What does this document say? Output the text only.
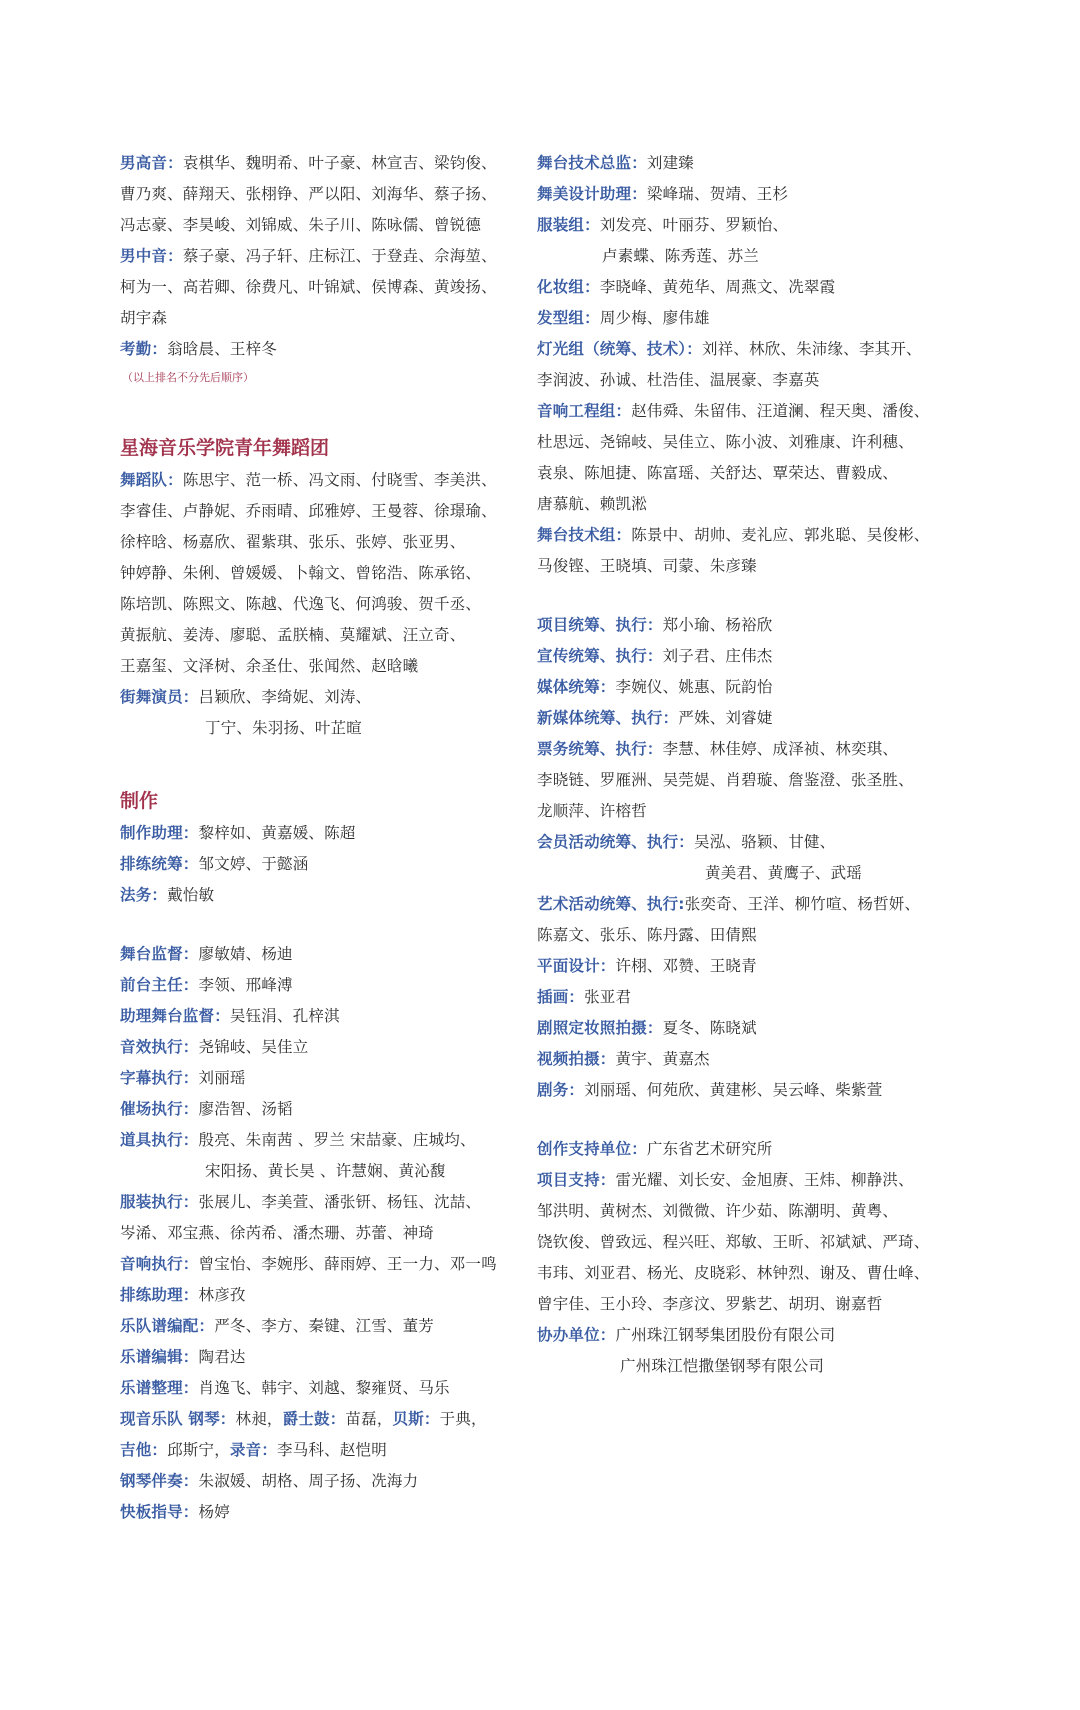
男高音：袁棋华、魏明希、叶子豪、林宣吉、梁钧俊、
曹乃爽、薛翔天、张栩铮、严以阳、刘海华、蔡子扬、
冯志豪、李昊峻、刘锦威、朱子川、陈咏儒、曾锐德
男中音：蔡子豪、冯子轩、庄标江、于登垚、佘海堃、
柯为一、高若卿、徐费凡、叶锦斌、侯博森、黄竣扬、
胡宇森
考勤：翁晗晨、王梓冬
（以上排名不分先后顺序）
星海音乐学院青年舞蹈团
舞蹈队：陈思宇、范一桥、冯文雨、付晓雪、李美洪、
李睿佳、卢静妮、乔雨晴、邱雅婷、王曼蓉、徐璟瑜、
徐梓晗、杨嘉欣、翟紫琪、张乐、张婷、张亚男、
钟婷静、朱俐、曾媛媛、卜翰文、曾铭浩、陈承铭、
陈培凯、陈熙文、陈越、代逸飞、何鸿骏、贺千丞、
黄振航、姜涛、廖聪、孟朕楠、莫耀斌、汪立奇、
王嘉玺、文泽树、余圣仕、张闻然、赵晗曦
街舞演员：吕颖欣、李绮妮、刘涛、
丁宁、朱羽扬、叶芷暄
制作
制作助理：黎梓如、黄嘉媛、陈超
排练统筹：邹文婷、于懿涵
法务：戴怡敏
舞台监督：廖敏婧、杨迪
前台主任：李领、邢峰溥
助理舞台监督：吴钰涓、孔梓淇
音效执行：尧锦岐、吴佳立
字幕执行：刘丽瑶
催场执行：廖浩智、汤韬
道具执行：殷亮、朱南茜 、罗兰 宋喆豪、庄城均、
宋阳扬、黄长昊 、许慧娴、黄沁馥
服装执行：张展儿、李美萱、潘张钘、杨钰、沈喆、
岑浠、邓宝燕、徐芮希、潘杰珊、苏蕾、神琦
音响执行：曾宝怡、李婉彤、薛雨婷、王一力、邓一鸣
排练助理：林彦孜
乐队谱编配：严冬、李方、秦键、江雪、董芳
乐谱编辑：陶君达
乐谱整理：肖逸飞、韩宇、刘越、黎雍贤、马乐
现音乐队 钢琴：林昶，爵士鼓：苗磊，贝斯：于典，
吉他：邱斯宁，录音：李马科、赵恺明
钢琴伴奏：朱淑媛、胡格、周子扬、冼海力
快板指导：杨婷
舞台技术总监：刘建臻
舞美设计助理：梁峰瑞、贺靖、王杉
服装组：刘发亮、叶丽芬、罗颖怡、
卢素蝶、陈秀莲、苏兰
化妆组：李晓峰、黄苑华、周燕文、冼翠霞
发型组：周少梅、廖伟雄
灯光组（统筹、技术）：刘祥、林欣、朱沛缘、李其开、
李润波、孙诚、杜浩佳、温展豪、李嘉英
音响工程组：赵伟舜、朱留伟、汪道澜、程天奥、潘俊、
杜思远、尧锦岐、吴佳立、陈小波、刘雅康、许利穗、
袁泉、陈旭捷、陈富瑶、关舒达、覃荣达、曹毅成、
唐慕航、赖凯淞
舞台技术组：陈景中、胡帅、麦礼应、郭兆聪、吴俊彬、
马俊铿、王晓填、司蒙、朱彦臻
项目统筹、执行：郑小瑜、杨裕欣
宣传统筹、执行：刘子君、庄伟杰
媒体统筹：李婉仪、姚惠、阮韵怡
新媒体统筹、执行：严姝、刘睿婕
票务统筹、执行：李慧、林佳婷、成泽祯、林奕琪、
李晓链、罗雁洲、吴莞媞、肖碧璇、詹鉴澄、张圣胜、
龙顺萍、许榕哲
会员活动统筹、执行：吴泓、骆颖、甘健、
黄美君、黄鹰子、武瑶
艺术活动统筹、执行:张奕奇、王洋、柳竹喧、杨哲妍、
陈嘉文、张乐、陈丹露、田倩熙
平面设计：许栩、邓赞、王晓青
插画：张亚君
剧照定妆照拍摄：夏冬、陈晓斌
视频拍摄：黄宇、黄嘉杰
剧务：刘丽瑶、何苑欣、黄建彬、吴云峰、柴紫萱
创作支持单位：广东省艺术研究所
项目支持：雷光耀、刘长安、金旭赓、王炜、柳静洪、
邹洪明、黄树杰、刘微微、许少茹、陈潮明、黄粤、
饶钦俊、曾致远、程兴旺、郑敏、王昕、祁斌斌、严琦、
韦玮、刘亚君、杨光、皮晓彩、林钟烈、谢及、曹仕峰、
曾宇佳、王小玲、李彦汶、罗紫艺、胡玥、谢嘉哲
协办单位：广州珠江钢琴集团股份有限公司
广州珠江恺撒堡钢琴有限公司
